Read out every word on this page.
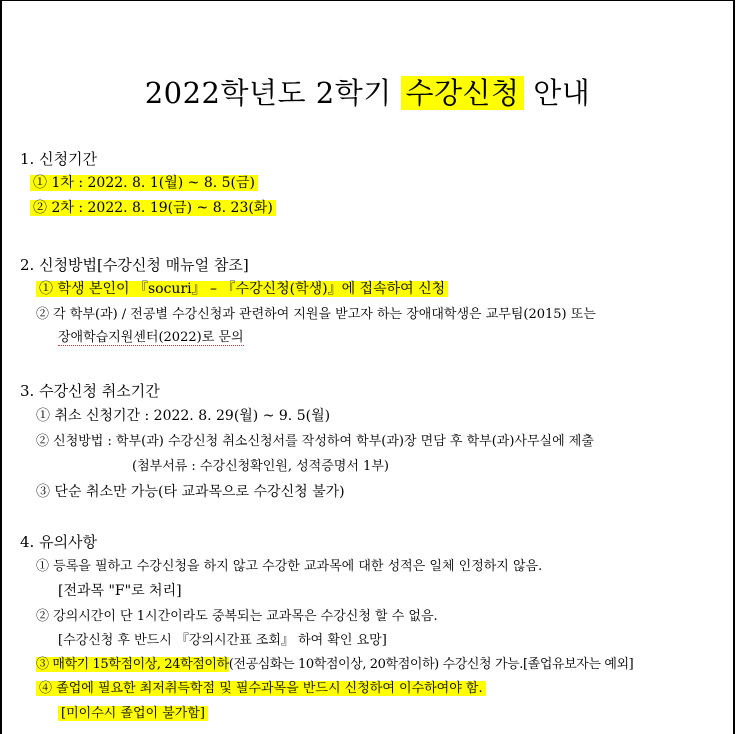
2022학년도 2학기 수강신청 안내
1. 신청기간
① 1차 : 2022. 8. 1(월) ~ 8. 5(금)
② 2차 : 2022. 8. 19(금) ~ 8. 23(화)
2. 신청방법[수강신청 매뉴얼 참조]
① 학생 본인이 『socuri』 – 『수강신청(학생)』에 접속하여 신청
② 각 학부(과) / 전공별 수강신청과 관련하여 지원을 받고자 하는 장애대학생은 교무팀(2015) 또는
장애학습지원센터(2022)로 문의
3. 수강신청 취소기간
① 취소 신청기간 : 2022. 8. 29(월) ~ 9. 5(월)
② 신청방법 : 학부(과) 수강신청 취소신청서를 작성하여 학부(과)장 면담 후 학부(과)사무실에 제출
(첨부서류 : 수강신청확인원, 성적증명서 1부)
③ 단순 취소만 가능(타 교과목으로 수강신청 불가)
4. 유의사항
① 등록을 필하고 수강신청을 하지 않고 수강한 교과목에 대한 성적은 일체 인정하지 않음.
[전과목 "F"로 처리]
② 강의시간이 단 1시간이라도 중복되는 교과목은 수강신청 할 수 없음.
[수강신청 후 반드시 『강의시간표 조회』 하여 확인 요망]
③ 매학기 15학점이상, 24학점이하(전공심화는 10학점이상, 20학점이하) 수강신청 가능.[졸업유보자는 예외]
④ 졸업에 필요한 최저취득학점 및 필수과목을 반드시 신청하여 이수하여야 함.
[미이수시 졸업이 불가함]
